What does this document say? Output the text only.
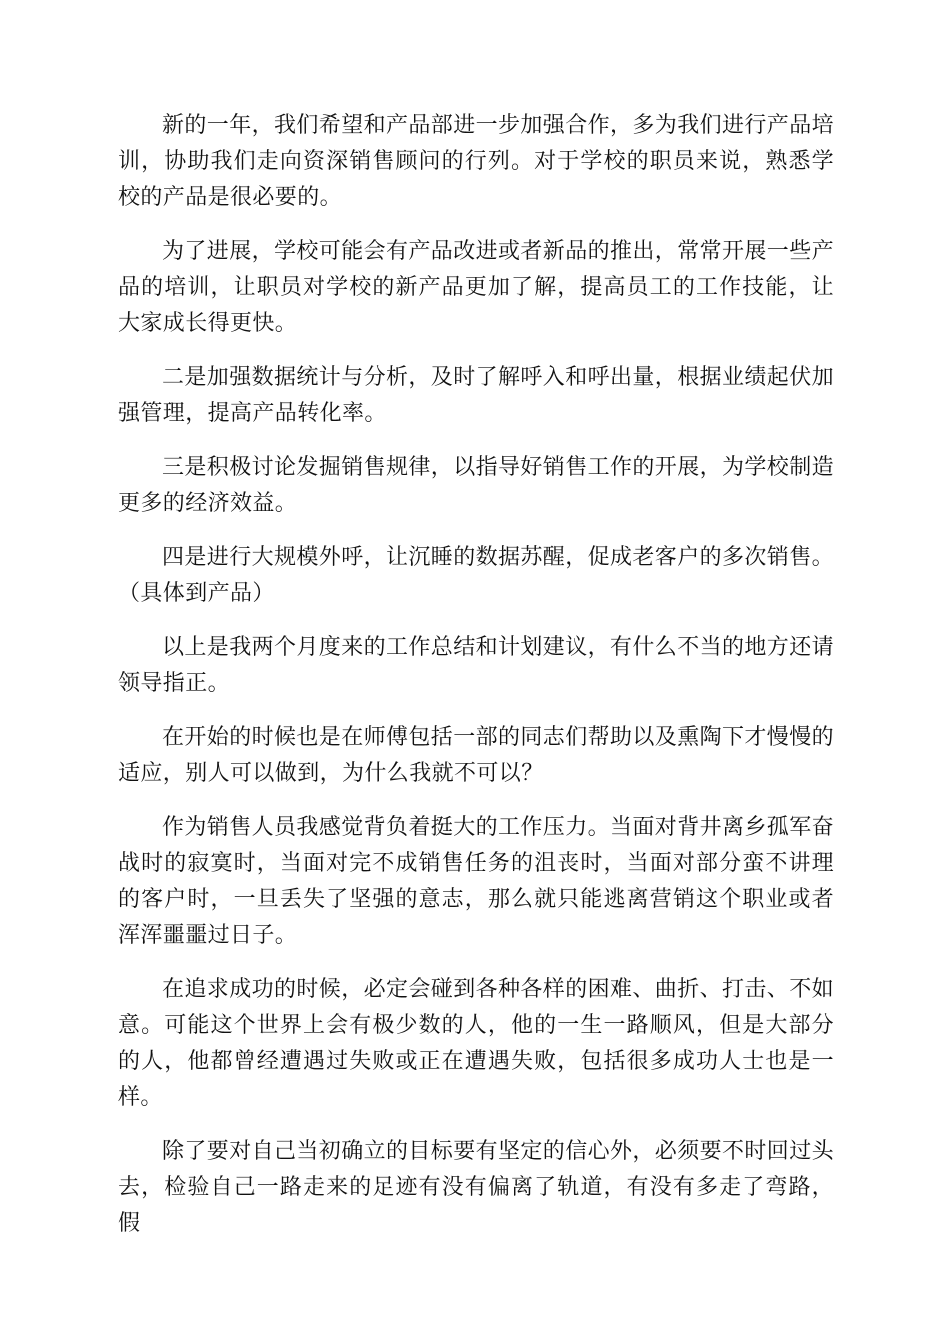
新的一年，我们希望和产品部进一步加强合作，多为我们进行产品培训，协助我们走向资深销售顾问的行列。对于学校的职员来说，熟悉学校的产品是很必要的。

为了进展，学校可能会有产品改进或者新品的推出，常常开展一些产品的培训，让职员对学校的新产品更加了解，提高员工的工作技能，让大家成长得更快。

二是加强数据统计与分析，及时了解呼入和呼出量，根据业绩起伏加强管理，提高产品转化率。

三是积极讨论发掘销售规律，以指导好销售工作的开展，为学校制造更多的经济效益。

四是进行大规模外呼，让沉睡的数据苏醒，促成老客户的多次销售。（具体到产品）

以上是我两个月度来的工作总结和计划建议，有什么不当的地方还请领导指正。

在开始的时候也是在师傅包括一部的同志们帮助以及熏陶下才慢慢的适应，别人可以做到，为什么我就不可以？

作为销售人员我感觉背负着挺大的工作压力。当面对背井离乡孤军奋战时的寂寞时，当面对完不成销售任务的沮丧时，当面对部分蛮不讲理的客户时，一旦丢失了坚强的意志，那么就只能逃离营销这个职业或者浑浑噩噩过日子。

在追求成功的时候，必定会碰到各种各样的困难、曲折、打击、不如意。可能这个世界上会有极少数的人，他的一生一路顺风，但是大部分的人，他都曾经遭遇过失败或正在遭遇失败，包括很多成功人士也是一样。

除了要对自己当初确立的目标要有坚定的信心外，必须要不时回过头去，检验自己一路走来的足迹有没有偏离了轨道，有没有多走了弯路，假
